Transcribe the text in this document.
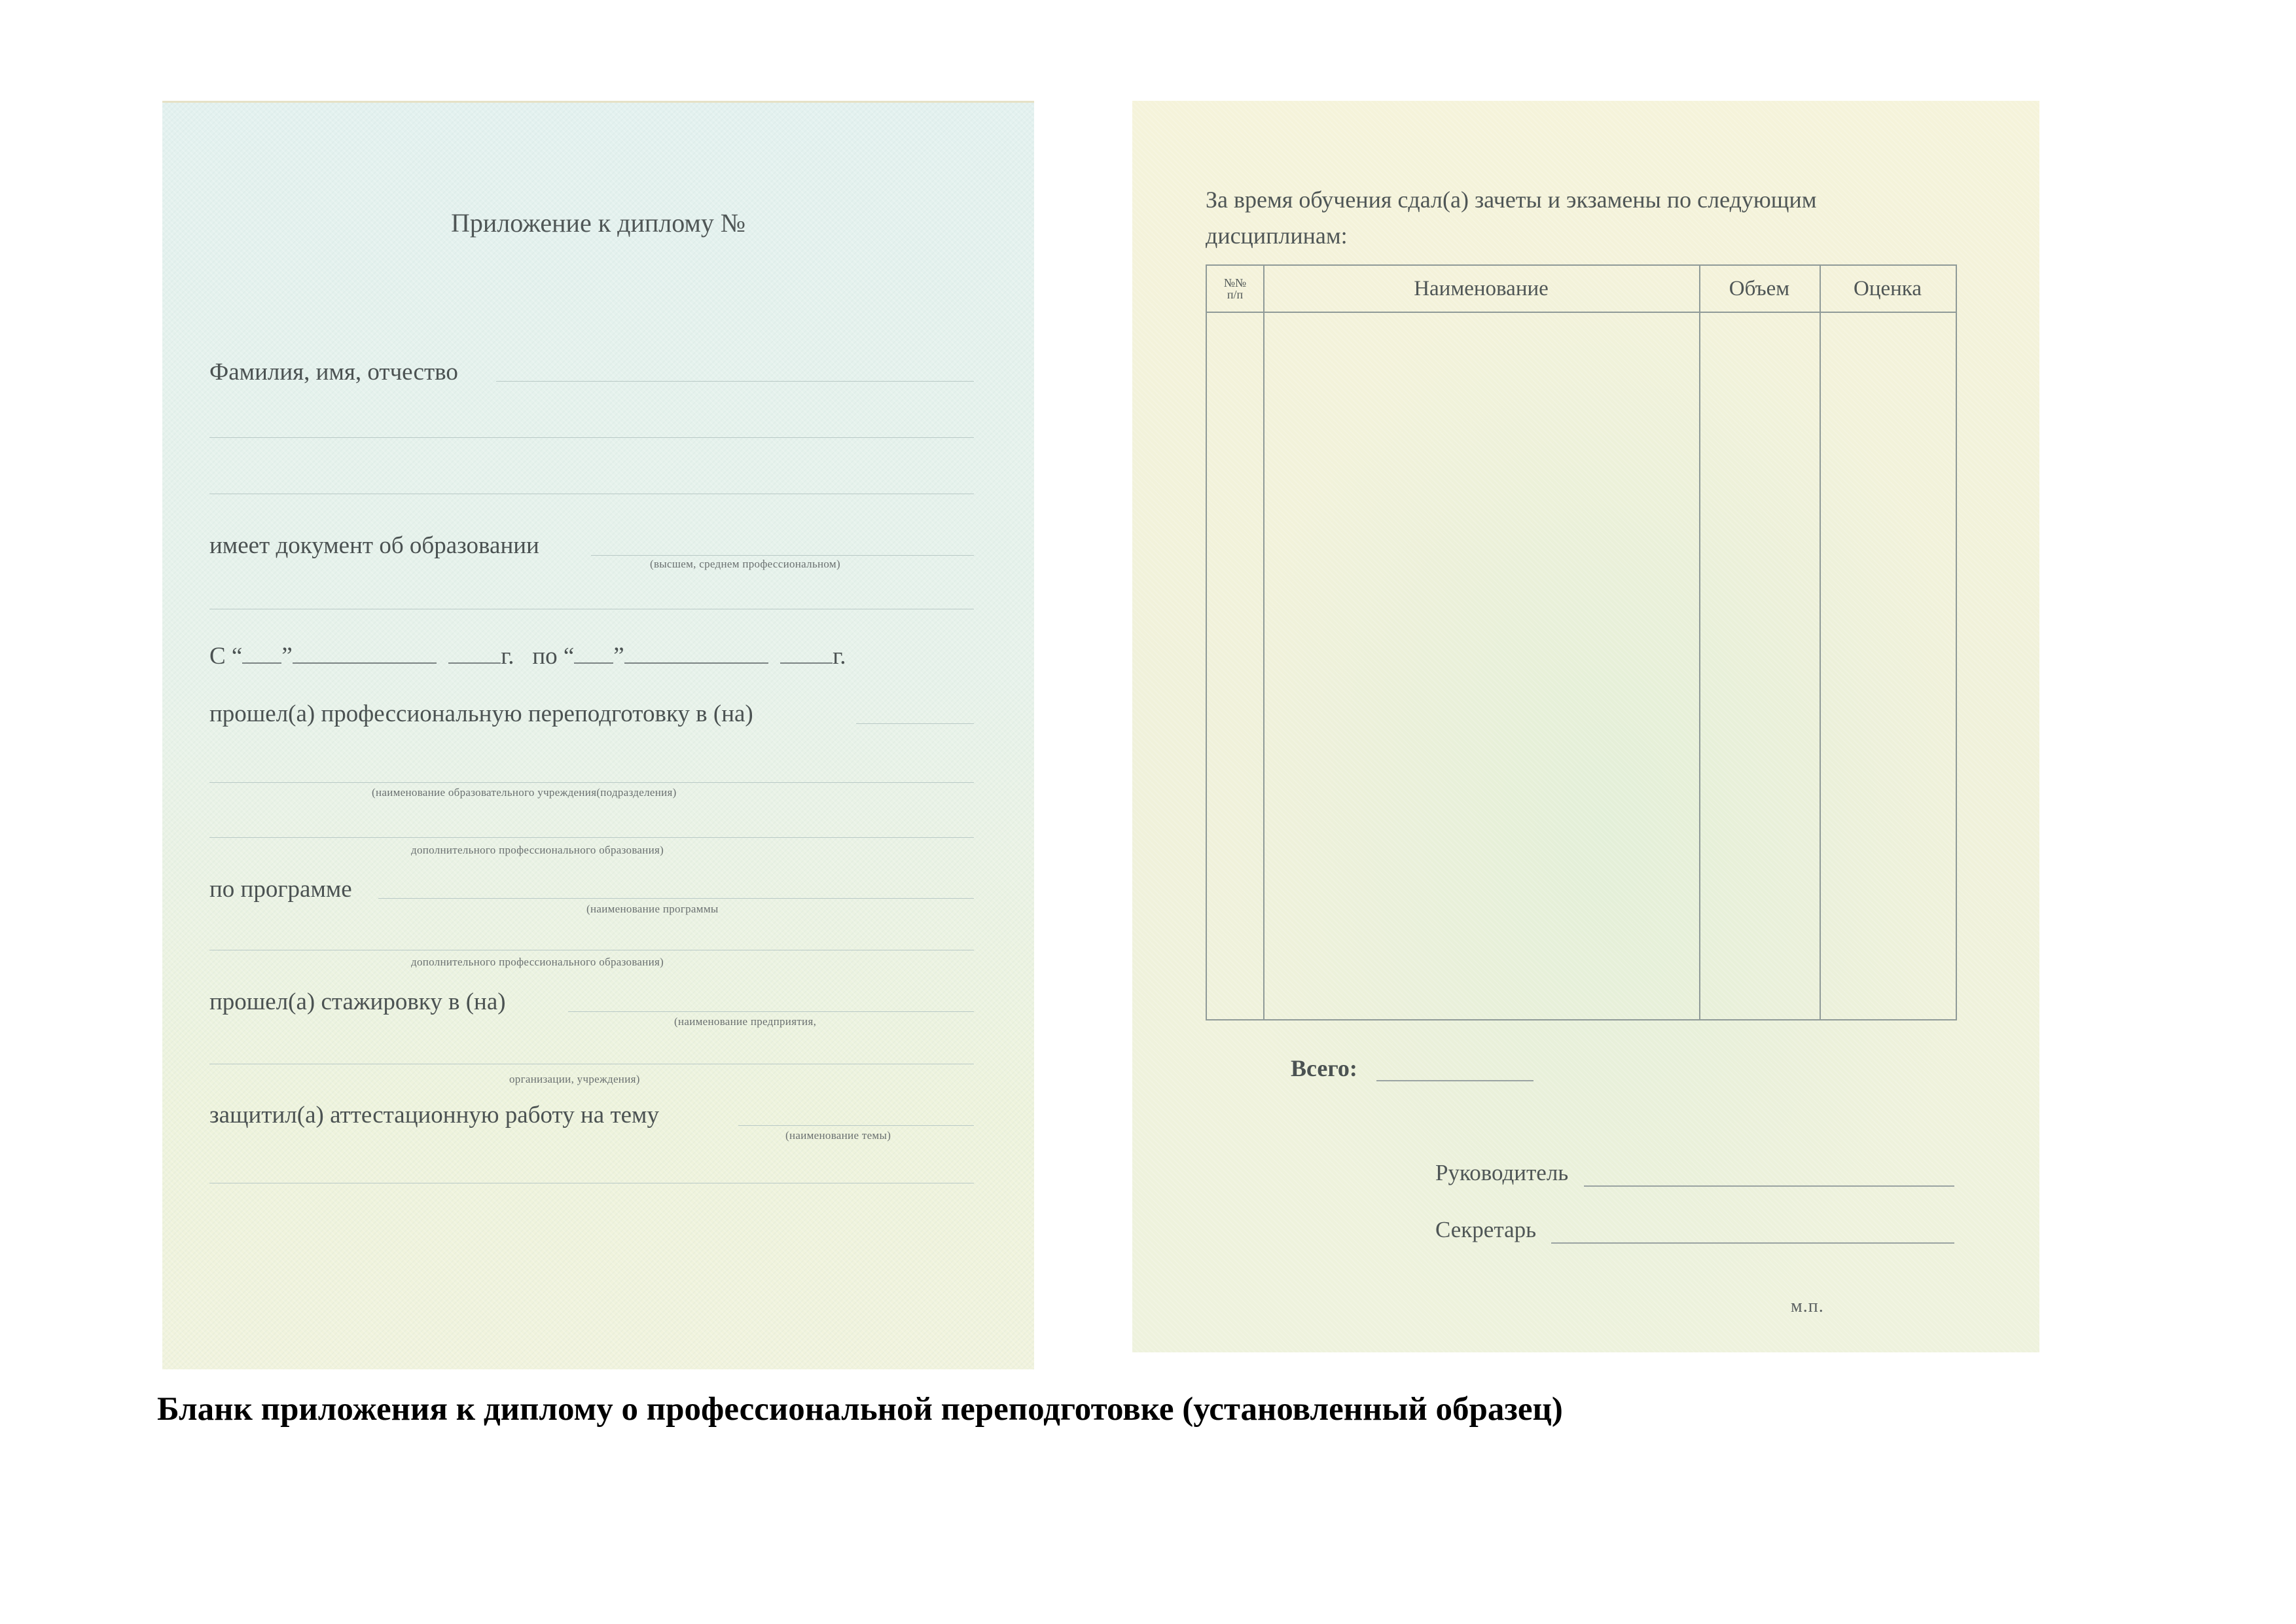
Приложение к диплому №
Фамилия, имя, отчество
имеет документ об образовании
(высшем, среднем профессиональном)
С “ ”	г. по “ ”	г.
прошел(а) профессиональную переподготовку в (на)
(наименование образовательного учреждения(подразделения)
дополнительного профессионального образования)
по программе
(наименование программы
дополнительного профессионального образования)
прошел(а) стажировку в (на)
(наименование предприятия,
организации, учреждения)
защитил(а) аттестационную работу на тему
(наименование темы)
За время обучения сдал(а) зачеты и экзамены по следующим дисциплинам:
№№
п/п	Наименование	Объем	Оценка
Всего:
Руководитель
Секретарь
м.п.
Бланк приложения к диплому о профессиональной переподготовке (установленный образец)
